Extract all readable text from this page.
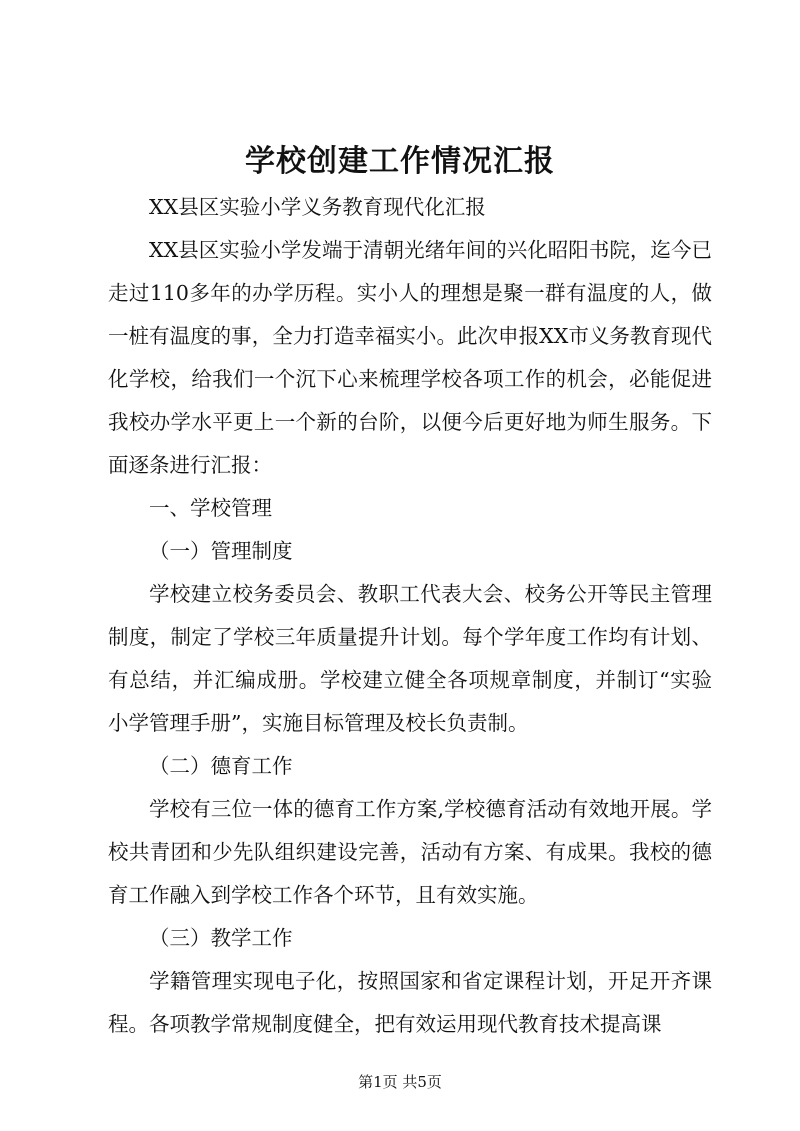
学校创建工作情况汇报

XX县区实验小学义务教育现代化汇报

XX县区实验小学发端于清朝光绪年间的兴化昭阳书院，迄今已走过110多年的办学历程。实小人的理想是聚一群有温度的人，做一桩有温度的事，全力打造幸福实小。此次申报XX市义务教育现代化学校，给我们一个沉下心来梳理学校各项工作的机会，必能促进我校办学水平更上一个新的台阶，以便今后更好地为师生服务。下面逐条进行汇报：

一、学校管理

（一）管理制度

学校建立校务委员会、教职工代表大会、校务公开等民主管理制度，制定了学校三年质量提升计划。每个学年度工作均有计划、有总结，并汇编成册。学校建立健全各项规章制度，并制订“实验小学管理手册”，实施目标管理及校长负责制。

（二）德育工作

学校有三位一体的德育工作方案,学校德育活动有效地开展。学校共青团和少先队组织建设完善，活动有方案、有成果。我校的德育工作融入到学校工作各个环节，且有效实施。

（三）教学工作

学籍管理实现电子化，按照国家和省定课程计划，开足开齐课程。各项教学常规制度健全，把有效运用现代教育技术提高课

第1页 共5页
